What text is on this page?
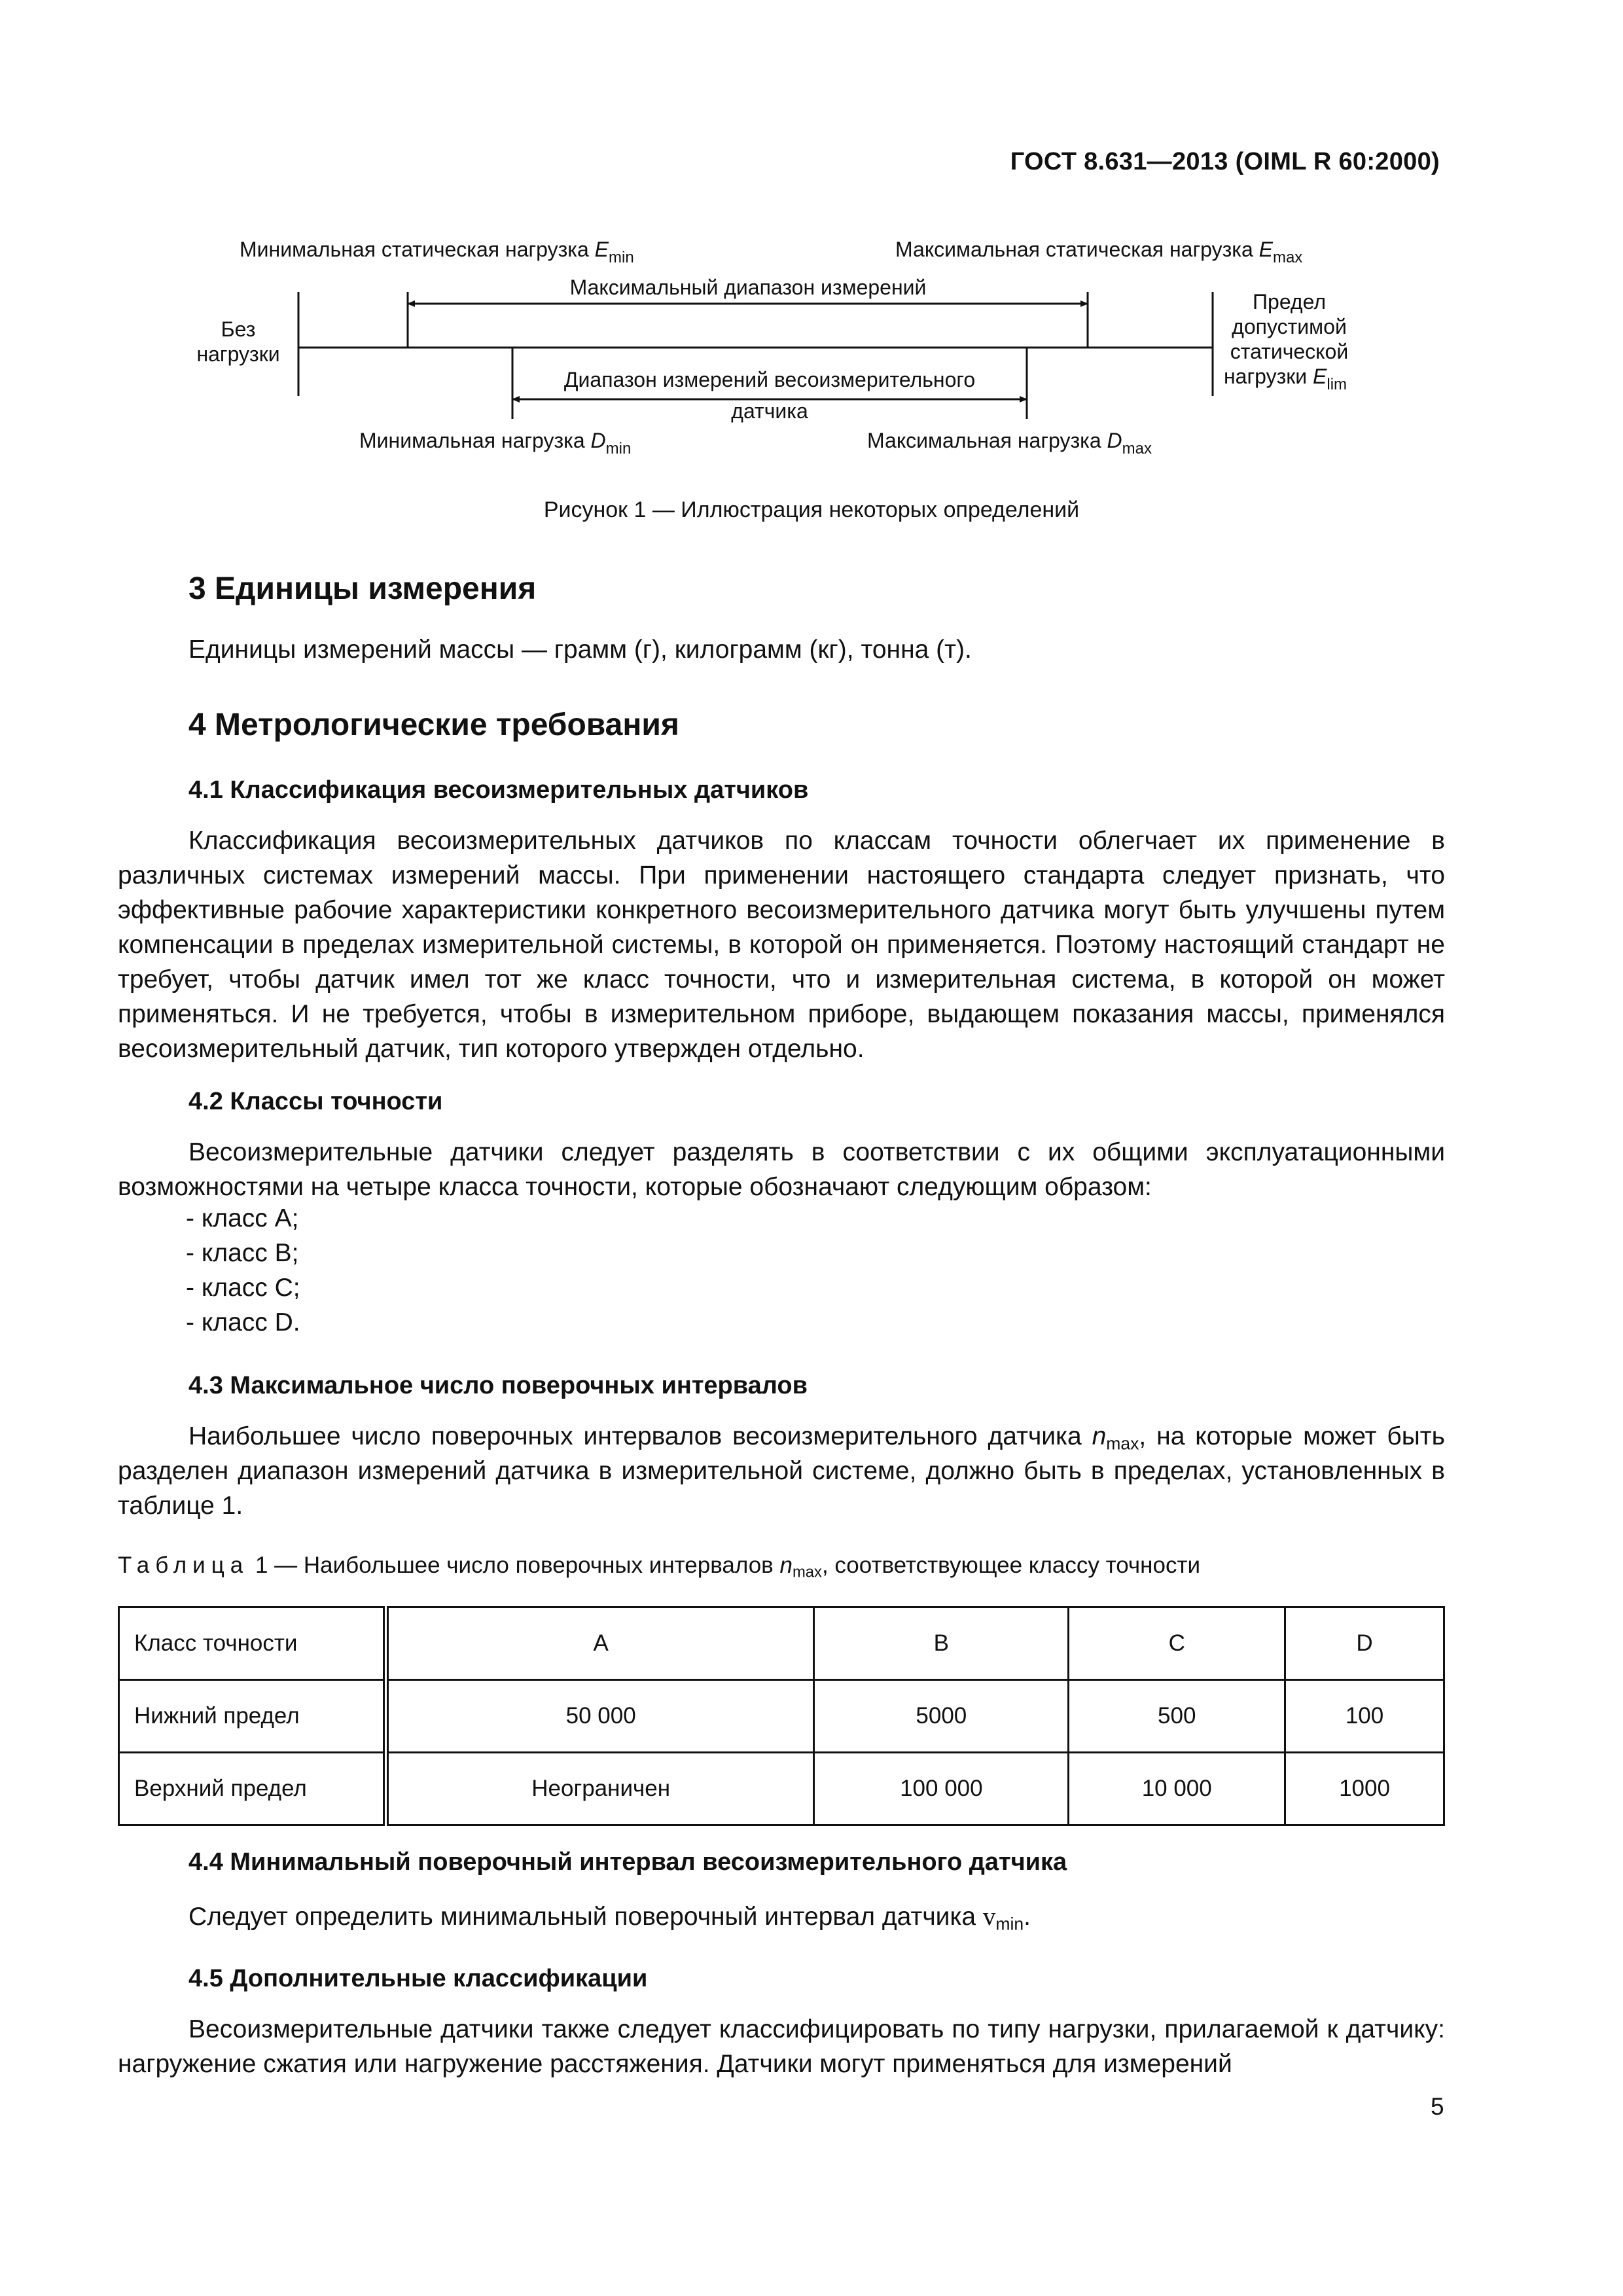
ГОСТ 8.631—2013 (OIML R 60:2000)
Минимальная статическая нагрузка $E_{min}$	Максимальная статическая нагрузка $E_{max}$
Максимальный диапазон измерений
Без
нагрузки
Предел
допустимой
статической
нагрузки $E_{lim}$
Диапазон измерений весоизмерительного
датчика
Минимальная нагрузка $D_{min}$	Максимальная нагрузка $D_{max}$
Рисунок 1 — Иллюстрация некоторых определений
3 Единицы измерения
Единицы измерений массы — грамм (г), килограмм (кг), тонна (т).
4 Метрологические требования
4.1 Классификация весоизмерительных датчиков
Классификация весоизмерительных датчиков по классам точности облегчает их применение в различных системах измерений массы. При применении настоящего стандарта следует признать, что эффективные рабочие характеристики конкретного весоизмерительного датчика могут быть улучшены путем компенсации в пределах измерительной системы, в которой он применяется. Поэтому настоящий стандарт не требует, чтобы датчик имел тот же класс точности, что и измерительная система, в которой он может применяться. И не требуется, чтобы в измерительном приборе, выдающем показания массы, применялся весоизмерительный датчик, тип которого утвержден отдельно.
4.2 Классы точности
Весоизмерительные датчики следует разделять в соответствии с их общими эксплуатационными возможностями на четыре класса точности, которые обозначают следующим образом:
- класс А;
- класс В;
- класс С;
- класс D.
4.3 Максимальное число поверочных интервалов
Наибольшее число поверочных интервалов весоизмерительного датчика $n_{max}$, на которые может быть разделен диапазон измерений датчика в измерительной системе, должно быть в пределах, установленных в таблице 1.
Таблица 1 — Наибольшее число поверочных интервалов $n_{max}$, соответствующее классу точности
Класс точности	A	B	C	D
Нижний предел	50 000	5000	500	100
Верхний предел	Неограничен	100 000	10 000	1000
4.4 Минимальный поверочный интервал весоизмерительного датчика
Следует определить минимальный поверочный интервал датчика $v_{min}$.
4.5 Дополнительные классификации
Весоизмерительные датчики также следует классифицировать по типу нагрузки, прилагаемой к датчику: нагружение сжатия или нагружение расстяжения. Датчики могут применяться для измерений
5
